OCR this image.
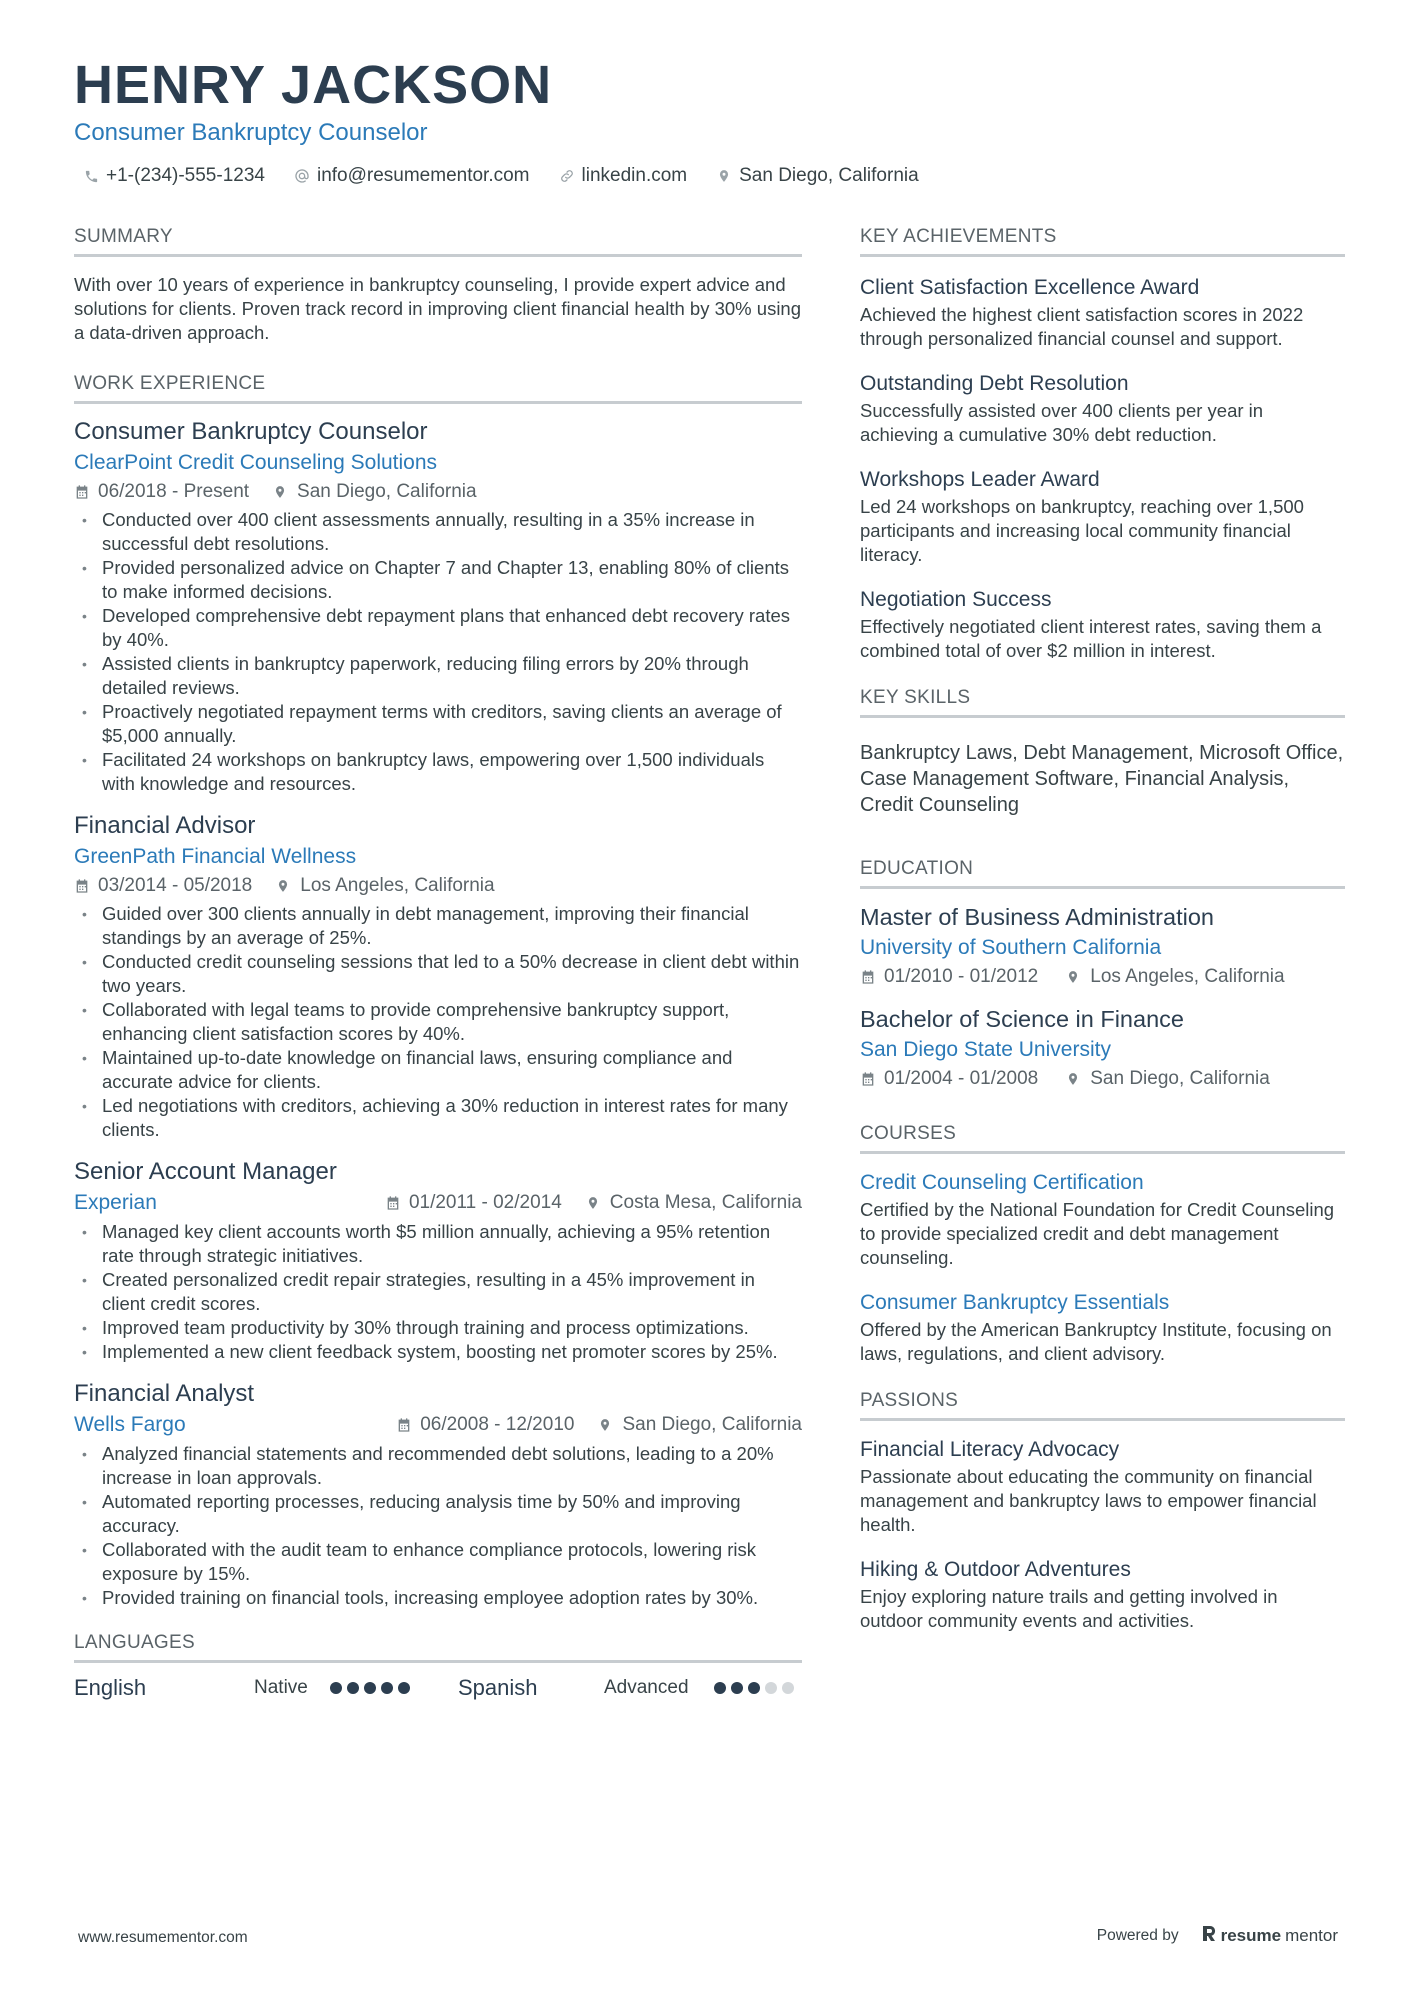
HENRY JACKSON
Consumer Bankruptcy Counselor
+1-(234)-555-1234	info@resumementor.com	linkedin.com	San Diego, California
SUMMARY
With over 10 years of experience in bankruptcy counseling, I provide expert advice and solutions for clients. Proven track record in improving client financial health by 30% using a data-driven approach.
WORK EXPERIENCE
Consumer Bankruptcy Counselor
ClearPoint Credit Counseling Solutions
06/2018 - Present	San Diego, California
• Conducted over 400 client assessments annually, resulting in a 35% increase in successful debt resolutions.
• Provided personalized advice on Chapter 7 and Chapter 13, enabling 80% of clients to make informed decisions.
• Developed comprehensive debt repayment plans that enhanced debt recovery rates by 40%.
• Assisted clients in bankruptcy paperwork, reducing filing errors by 20% through detailed reviews.
• Proactively negotiated repayment terms with creditors, saving clients an average of $5,000 annually.
• Facilitated 24 workshops on bankruptcy laws, empowering over 1,500 individuals with knowledge and resources.
Financial Advisor
GreenPath Financial Wellness
03/2014 - 05/2018	Los Angeles, California
• Guided over 300 clients annually in debt management, improving their financial standings by an average of 25%.
• Conducted credit counseling sessions that led to a 50% decrease in client debt within two years.
• Collaborated with legal teams to provide comprehensive bankruptcy support, enhancing client satisfaction scores by 40%.
• Maintained up-to-date knowledge on financial laws, ensuring compliance and accurate advice for clients.
• Led negotiations with creditors, achieving a 30% reduction in interest rates for many clients.
Senior Account Manager
Experian	01/2011 - 02/2014	Costa Mesa, California
• Managed key client accounts worth $5 million annually, achieving a 95% retention rate through strategic initiatives.
• Created personalized credit repair strategies, resulting in a 45% improvement in client credit scores.
• Improved team productivity by 30% through training and process optimizations.
• Implemented a new client feedback system, boosting net promoter scores by 25%.
Financial Analyst
Wells Fargo	06/2008 - 12/2010	San Diego, California
• Analyzed financial statements and recommended debt solutions, leading to a 20% increase in loan approvals.
• Automated reporting processes, reducing analysis time by 50% and improving accuracy.
• Collaborated with the audit team to enhance compliance protocols, lowering risk exposure by 15%.
• Provided training on financial tools, increasing employee adoption rates by 30%.
LANGUAGES
English	Native	Spanish	Advanced
KEY ACHIEVEMENTS
Client Satisfaction Excellence Award
Achieved the highest client satisfaction scores in 2022 through personalized financial counsel and support.
Outstanding Debt Resolution
Successfully assisted over 400 clients per year in achieving a cumulative 30% debt reduction.
Workshops Leader Award
Led 24 workshops on bankruptcy, reaching over 1,500 participants and increasing local community financial literacy.
Negotiation Success
Effectively negotiated client interest rates, saving them a combined total of over $2 million in interest.
KEY SKILLS
Bankruptcy Laws, Debt Management, Microsoft Office, Case Management Software, Financial Analysis, Credit Counseling
EDUCATION
Master of Business Administration
University of Southern California
01/2010 - 01/2012	Los Angeles, California
Bachelor of Science in Finance
San Diego State University
01/2004 - 01/2008	San Diego, California
COURSES
Credit Counseling Certification
Certified by the National Foundation for Credit Counseling to provide specialized credit and debt management counseling.
Consumer Bankruptcy Essentials
Offered by the American Bankruptcy Institute, focusing on laws, regulations, and client advisory.
PASSIONS
Financial Literacy Advocacy
Passionate about educating the community on financial management and bankruptcy laws to empower financial health.
Hiking & Outdoor Adventures
Enjoy exploring nature trails and getting involved in outdoor community events and activities.
www.resumementor.com	Powered by resume mentor
